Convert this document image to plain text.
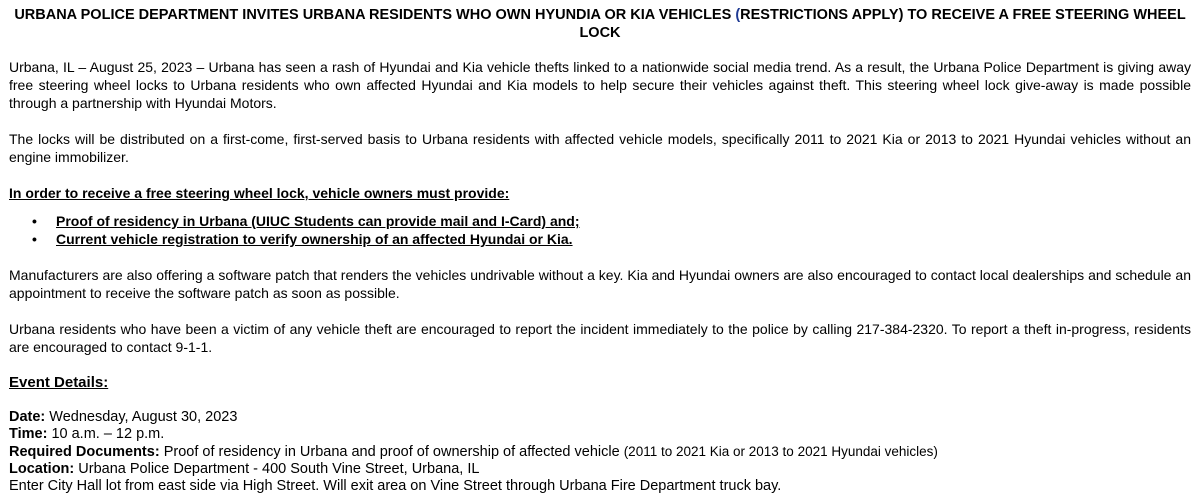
URBANA POLICE DEPARTMENT INVITES URBANA RESIDENTS WHO OWN HYUNDIA OR KIA VEHICLES (RESTRICTIONS APPLY) TO RECEIVE A FREE STEERING WHEEL LOCK

Urbana, IL – August 25, 2023 – Urbana has seen a rash of Hyundai and Kia vehicle thefts linked to a nationwide social media trend. As a result, the Urbana Police Department is giving away free steering wheel locks to Urbana residents who own affected Hyundai and Kia models to help secure their vehicles against theft. This steering wheel lock give-away is made possible through a partnership with Hyundai Motors.

The locks will be distributed on a first-come, first-served basis to Urbana residents with affected vehicle models, specifically 2011 to 2021 Kia or 2013 to 2021 Hyundai vehicles without an engine immobilizer.

In order to receive a free steering wheel lock, vehicle owners must provide:

• Proof of residency in Urbana (UIUC Students can provide mail and I-Card) and;
• Current vehicle registration to verify ownership of an affected Hyundai or Kia.

Manufacturers are also offering a software patch that renders the vehicles undrivable without a key. Kia and Hyundai owners are also encouraged to contact local dealerships and schedule an appointment to receive the software patch as soon as possible.

Urbana residents who have been a victim of any vehicle theft are encouraged to report the incident immediately to the police by calling 217-384-2320. To report a theft in-progress, residents are encouraged to contact 9-1-1.

Event Details:

Date: Wednesday, August 30, 2023

Time: 10 a.m. – 12 p.m.

Required Documents: Proof of residency in Urbana and proof of ownership of affected vehicle (2011 to 2021 Kia or 2013 to 2021 Hyundai vehicles)

Location: Urbana Police Department - 400 South Vine Street, Urbana, IL

Enter City Hall lot from east side via High Street. Will exit area on Vine Street through Urbana Fire Department truck bay.
